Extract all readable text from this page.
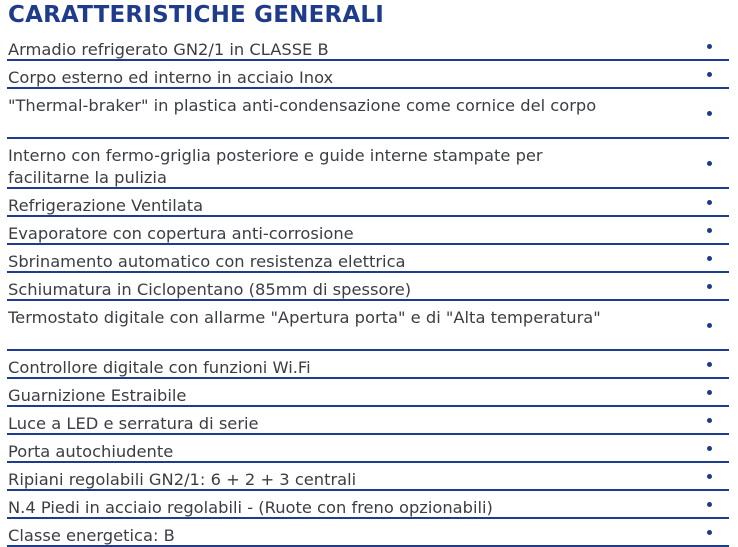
CARATTERISTICHE GENERALI
Armadio refrigerato GN2/1 in CLASSE B
Corpo esterno ed interno in acciaio Inox
"Thermal-braker" in plastica anti-condensazione come cornice del corpo
Interno con fermo-griglia posteriore e guide interne stampate per facilitarne la pulizia
Refrigerazione Ventilata
Evaporatore con copertura anti-corrosione
Sbrinamento automatico con resistenza elettrica
Schiumatura in Ciclopentano (85mm di spessore)
Termostato digitale con allarme "Apertura porta" e di "Alta temperatura"
Controllore digitale con funzioni Wi.Fi
Guarnizione Estraibile
Luce a LED e serratura di serie
Porta autochiudente
Ripiani regolabili GN2/1: 6 + 2 + 3 centrali
N.4 Piedi in acciaio regolabili - (Ruote con freno opzionabili)
Classe energetica: B
